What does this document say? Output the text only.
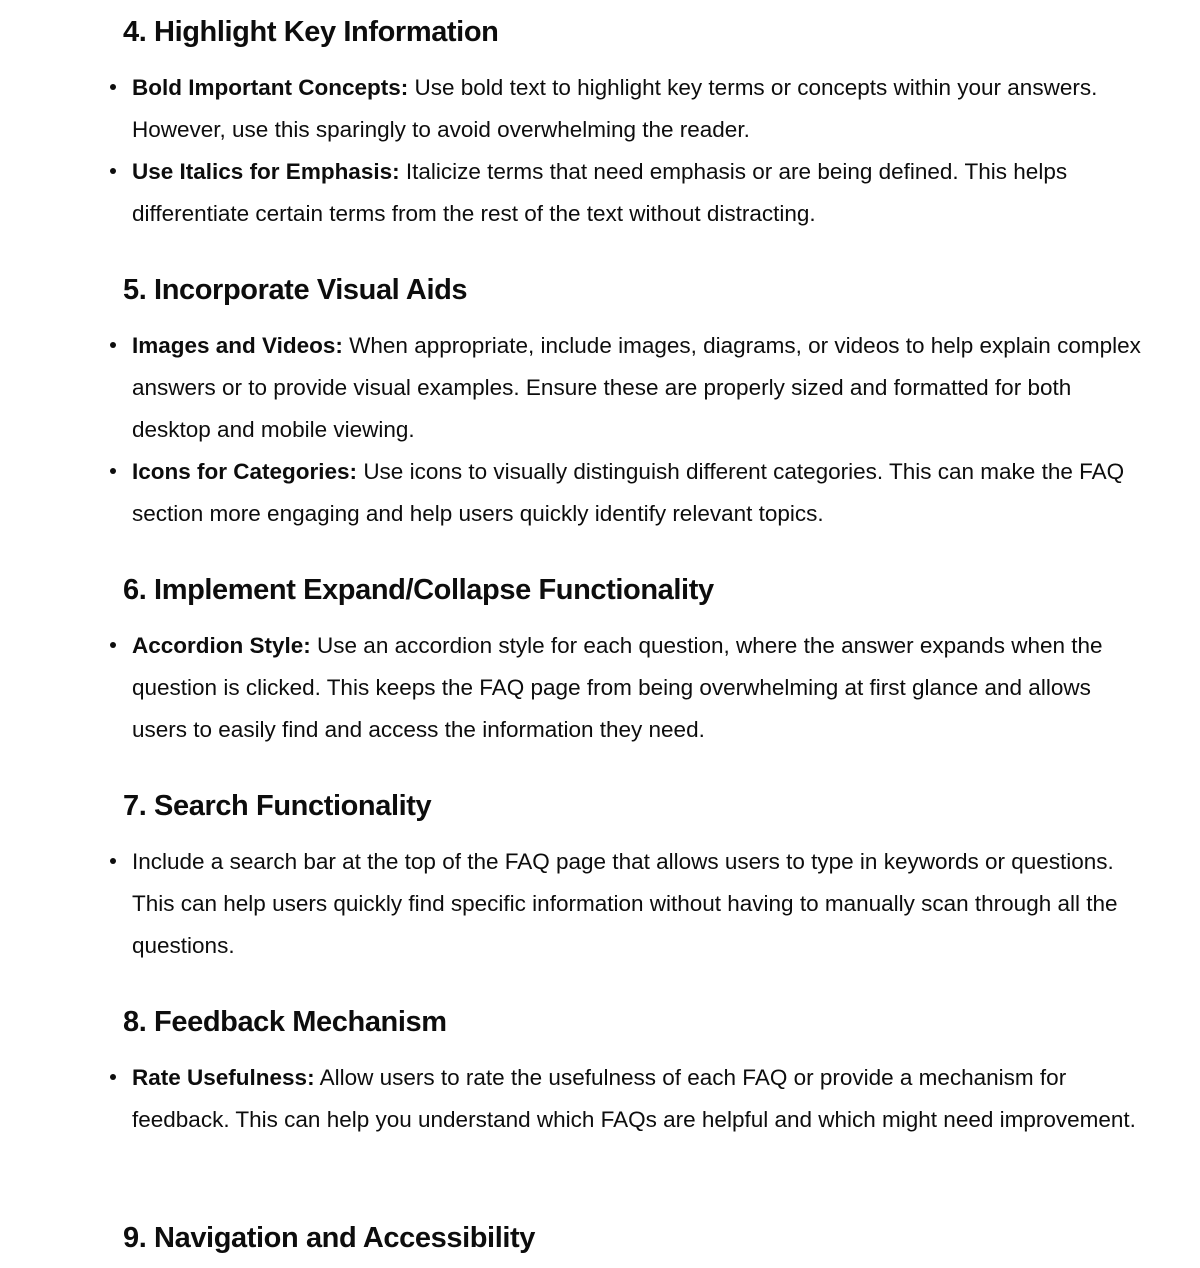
4. Highlight Key Information
Bold Important Concepts: Use bold text to highlight key terms or concepts within your answers. However, use this sparingly to avoid overwhelming the reader.
Use Italics for Emphasis: Italicize terms that need emphasis or are being defined. This helps differentiate certain terms from the rest of the text without distracting.
5. Incorporate Visual Aids
Images and Videos: When appropriate, include images, diagrams, or videos to help explain complex answers or to provide visual examples. Ensure these are properly sized and formatted for both desktop and mobile viewing.
Icons for Categories: Use icons to visually distinguish different categories. This can make the FAQ section more engaging and help users quickly identify relevant topics.
6. Implement Expand/Collapse Functionality
Accordion Style: Use an accordion style for each question, where the answer expands when the question is clicked. This keeps the FAQ page from being overwhelming at first glance and allows users to easily find and access the information they need.
7. Search Functionality
Include a search bar at the top of the FAQ page that allows users to type in keywords or questions. This can help users quickly find specific information without having to manually scan through all the questions.
8. Feedback Mechanism
Rate Usefulness: Allow users to rate the usefulness of each FAQ or provide a mechanism for feedback. This can help you understand which FAQs are helpful and which might need improvement.
9. Navigation and Accessibility
